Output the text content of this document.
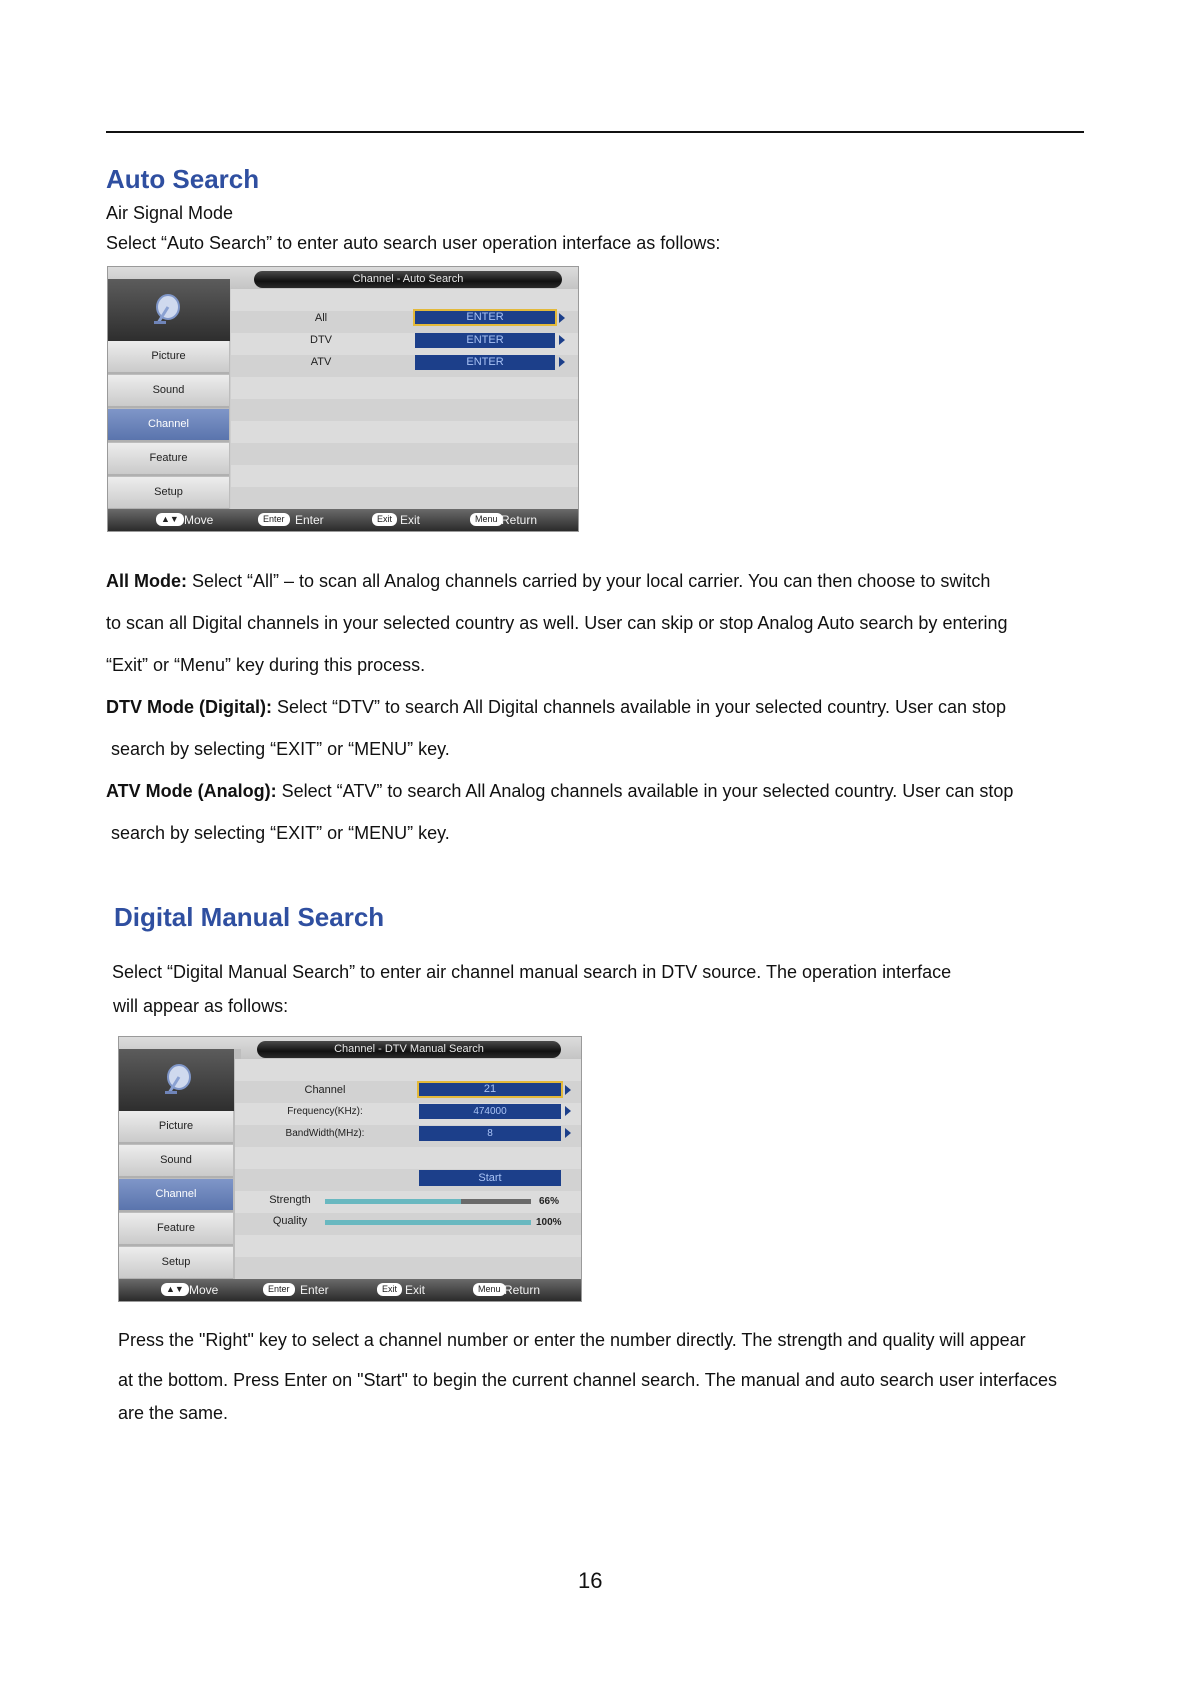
Auto Search

Air Signal Mode

Select “Auto Search” to enter auto search user operation interface as follows:

Channel - Auto Search
Picture
Sound
Channel
Feature
Setup
All	ENTER
DTV	ENTER
ATV	ENTER
▲▼ Move	Enter Enter	Exit Exit	Menu Return

All Mode: Select “All” – to scan all Analog channels carried by your local carrier. You can then choose to switch

to scan all Digital channels in your selected country as well. User can skip or stop Analog Auto search by entering

“Exit” or “Menu” key during this process.

DTV Mode (Digital): Select “DTV” to search All Digital channels available in your selected country. User can stop

search by selecting “EXIT” or “MENU” key.

ATV Mode (Analog): Select “ATV” to search All Analog channels available in your selected country. User can stop

search by selecting “EXIT” or “MENU” key.

Digital Manual Search

Select “Digital Manual Search” to enter air channel manual search in DTV source. The operation interface

will appear as follows:

Channel - DTV Manual Search
Picture
Sound
Channel
Feature
Setup
Channel	21
Frequency(KHz):	474000
BandWidth(MHz):	8
Start
Strength	66%
Quality	100%
▲▼ Move	Enter Enter	Exit Exit	Menu Return

Press the "Right" key to select a channel number or enter the number directly. The strength and quality will appear

at the bottom. Press Enter on "Start" to begin the current channel search. The manual and auto search user interfaces

are the same.

16
